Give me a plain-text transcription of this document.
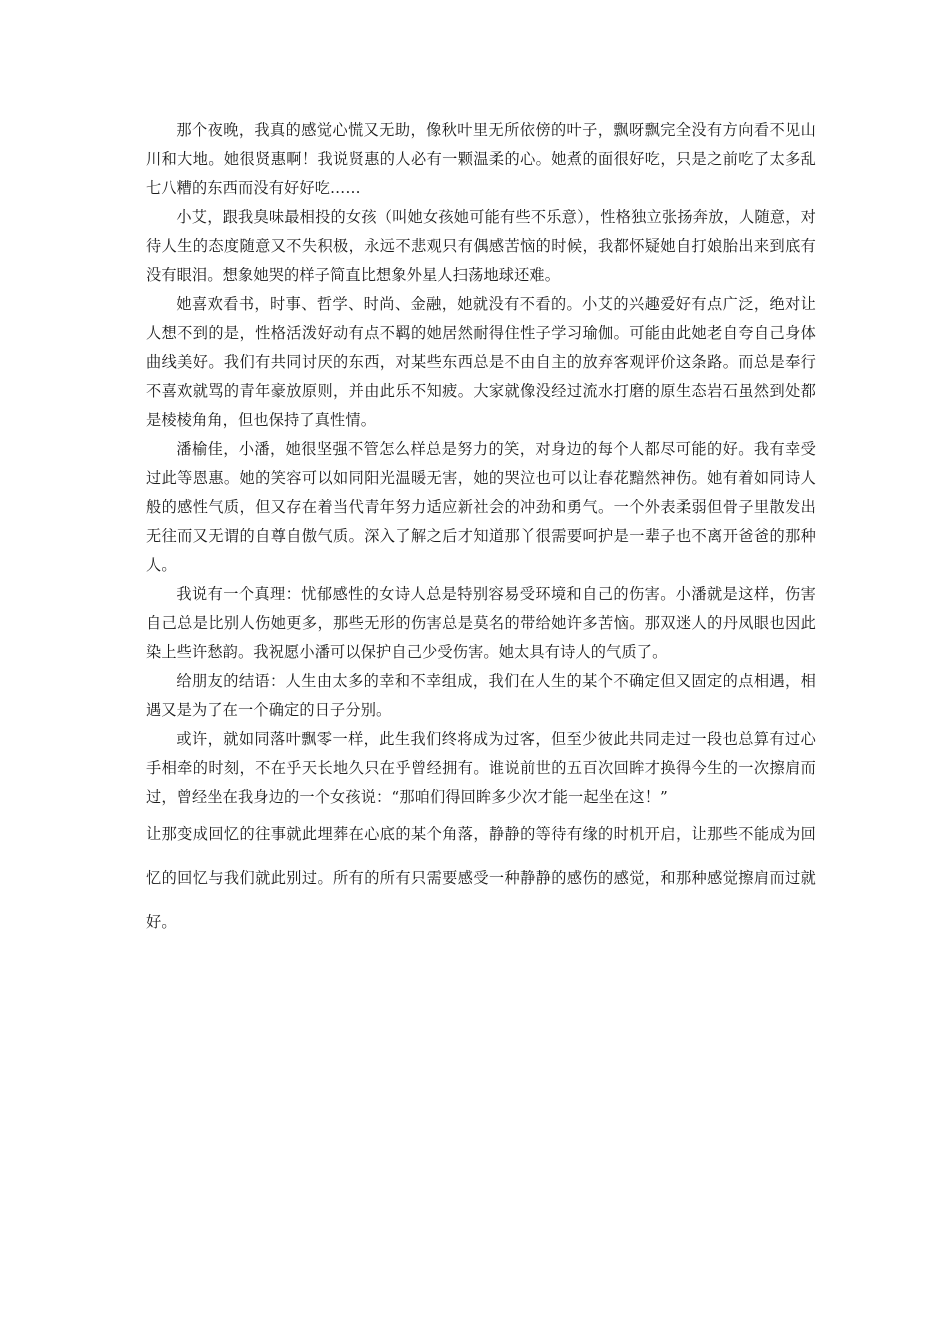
那个夜晚，我真的感觉心慌又无助，像秋叶里无所依傍的叶子，飘呀飘完全没有方向看不见山川和大地。她很贤惠啊！我说贤惠的人必有一颗温柔的心。她煮的面很好吃，只是之前吃了太多乱七八糟的东西而没有好好吃……

小艾，跟我臭味最相投的女孩（叫她女孩她可能有些不乐意），性格独立张扬奔放，人随意，对待人生的态度随意又不失积极，永远不悲观只有偶感苦恼的时候，我都怀疑她自打娘胎出来到底有没有眼泪。想象她哭的样子简直比想象外星人扫荡地球还难。

她喜欢看书，时事、哲学、时尚、金融，她就没有不看的。小艾的兴趣爱好有点广泛，绝对让人想不到的是，性格活泼好动有点不羁的她居然耐得住性子学习瑜伽。可能由此她老自夸自己身体曲线美好。我们有共同讨厌的东西，对某些东西总是不由自主的放弃客观评价这条路。而总是奉行不喜欢就骂的青年豪放原则，并由此乐不知疲。大家就像没经过流水打磨的原生态岩石虽然到处都是棱棱角角，但也保持了真性情。

潘榆佳，小潘，她很坚强不管怎么样总是努力的笑，对身边的每个人都尽可能的好。我有幸受过此等恩惠。她的笑容可以如同阳光温暖无害，她的哭泣也可以让春花黯然神伤。她有着如同诗人般的感性气质，但又存在着当代青年努力适应新社会的冲劲和勇气。一个外表柔弱但骨子里散发出无往而又无谓的自尊自傲气质。深入了解之后才知道那丫很需要呵护是一辈子也不离开爸爸的那种人。

我说有一个真理：忧郁感性的女诗人总是特别容易受环境和自己的伤害。小潘就是这样，伤害自己总是比别人伤她更多，那些无形的伤害总是莫名的带给她许多苦恼。那双迷人的丹凤眼也因此染上些许愁韵。我祝愿小潘可以保护自己少受伤害。她太具有诗人的气质了。

给朋友的结语：人生由太多的幸和不幸组成，我们在人生的某个不确定但又固定的点相遇，相遇又是为了在一个确定的日子分别。

或许，就如同落叶飘零一样，此生我们终将成为过客，但至少彼此共同走过一段也总算有过心手相牵的时刻，不在乎天长地久只在乎曾经拥有。谁说前世的五百次回眸才换得今生的一次擦肩而过，曾经坐在我身边的一个女孩说：“那咱们得回眸多少次才能一起坐在这！”

让那变成回忆的往事就此埋葬在心底的某个角落，静静的等待有缘的时机开启，让那些不能成为回忆的回忆与我们就此别过。所有的所有只需要感受一种静静的感伤的感觉，和那种感觉擦肩而过就好。
